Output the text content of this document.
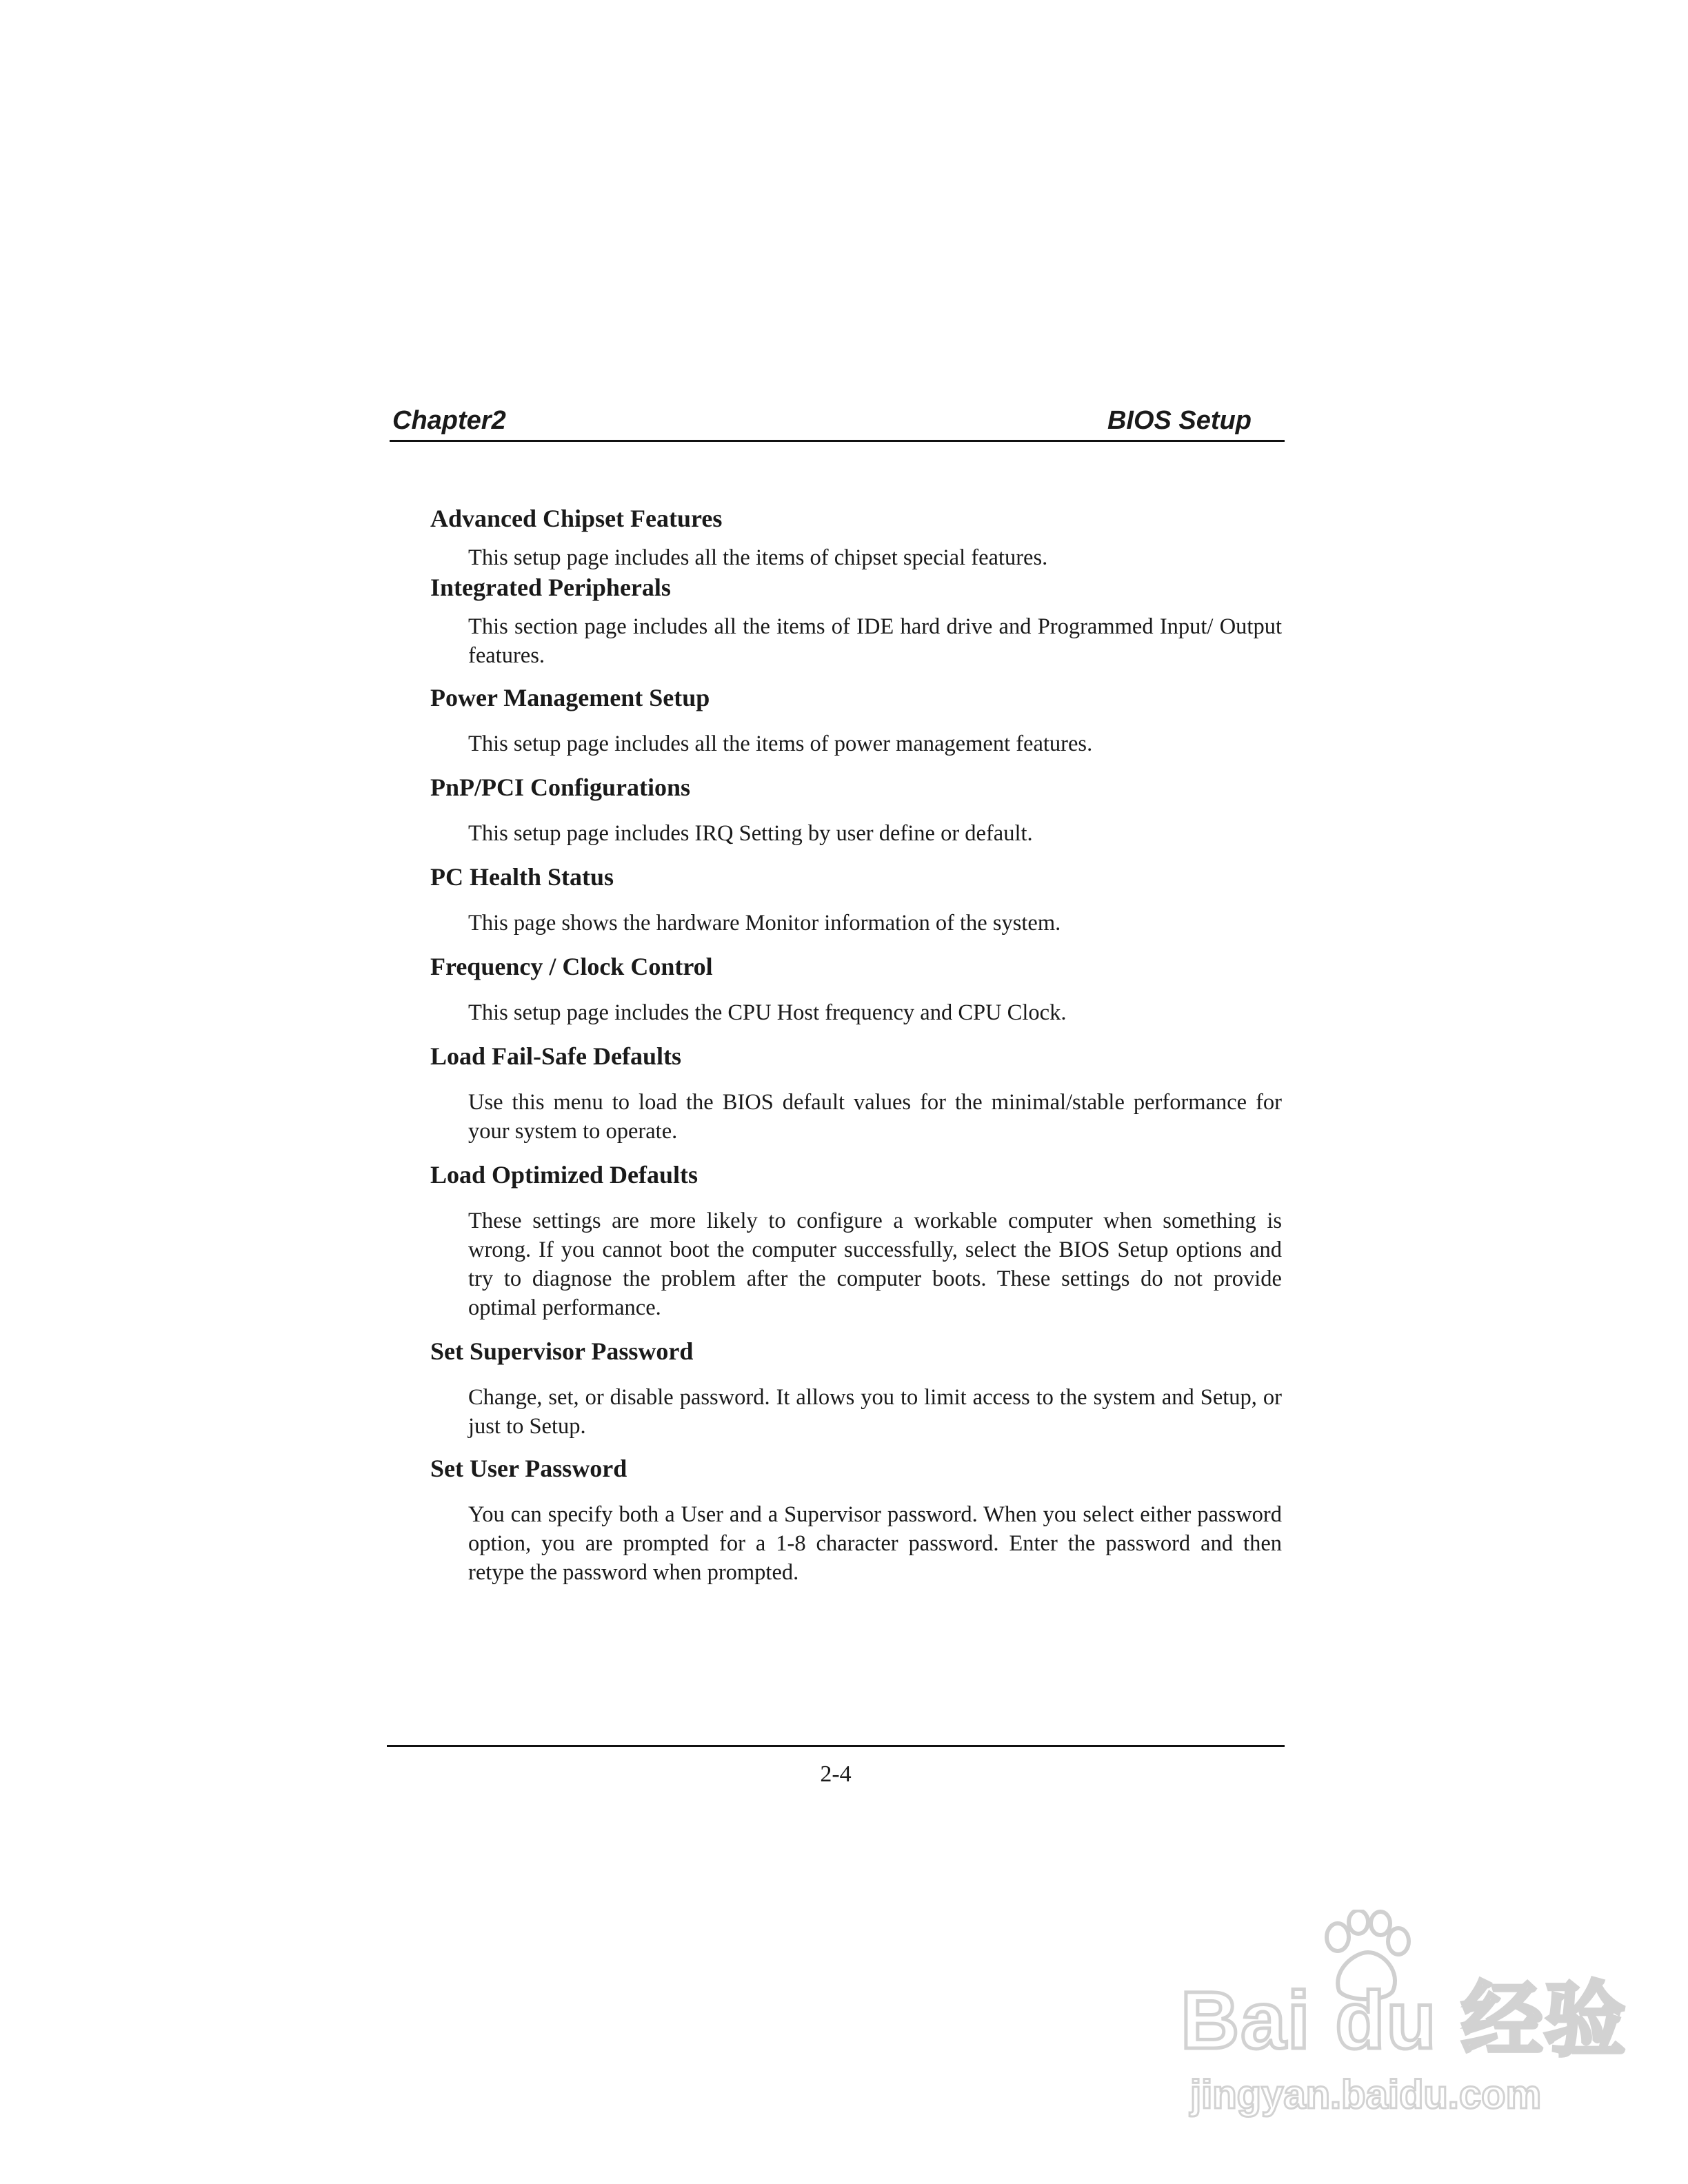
Chapter2	BIOS Setup
Advanced Chipset Features
This setup page includes all the items of chipset special features.
Integrated Peripherals
This section page includes all the items of IDE hard drive and Programmed Input/ Output features.
Power Management Setup
This setup page includes all the items of power management features.
PnP/PCI Configurations
This setup page includes IRQ Setting by user define or default.
PC Health Status
This page shows the hardware Monitor information of the system.
Frequency / Clock Control
This setup page includes the CPU Host frequency and CPU Clock.
Load Fail-Safe Defaults
Use this menu to load the BIOS default values for the minimal/stable performance for your system to operate.
Load Optimized Defaults
These settings are more likely to configure a workable computer when something is wrong. If you cannot boot the computer successfully, select the BIOS Setup options and try to diagnose the problem after the computer boots. These settings do not provide optimal performance.
Set Supervisor Password
Change, set, or disable password. It allows you to limit access to the system and Setup, or just to Setup.
Set User Password
You can specify both a User and a Supervisor password. When you select either password option, you are prompted for a 1-8 character password. Enter the password and then retype the password when prompted.
2-4
Bai du 经验
jingyan.baidu.com
